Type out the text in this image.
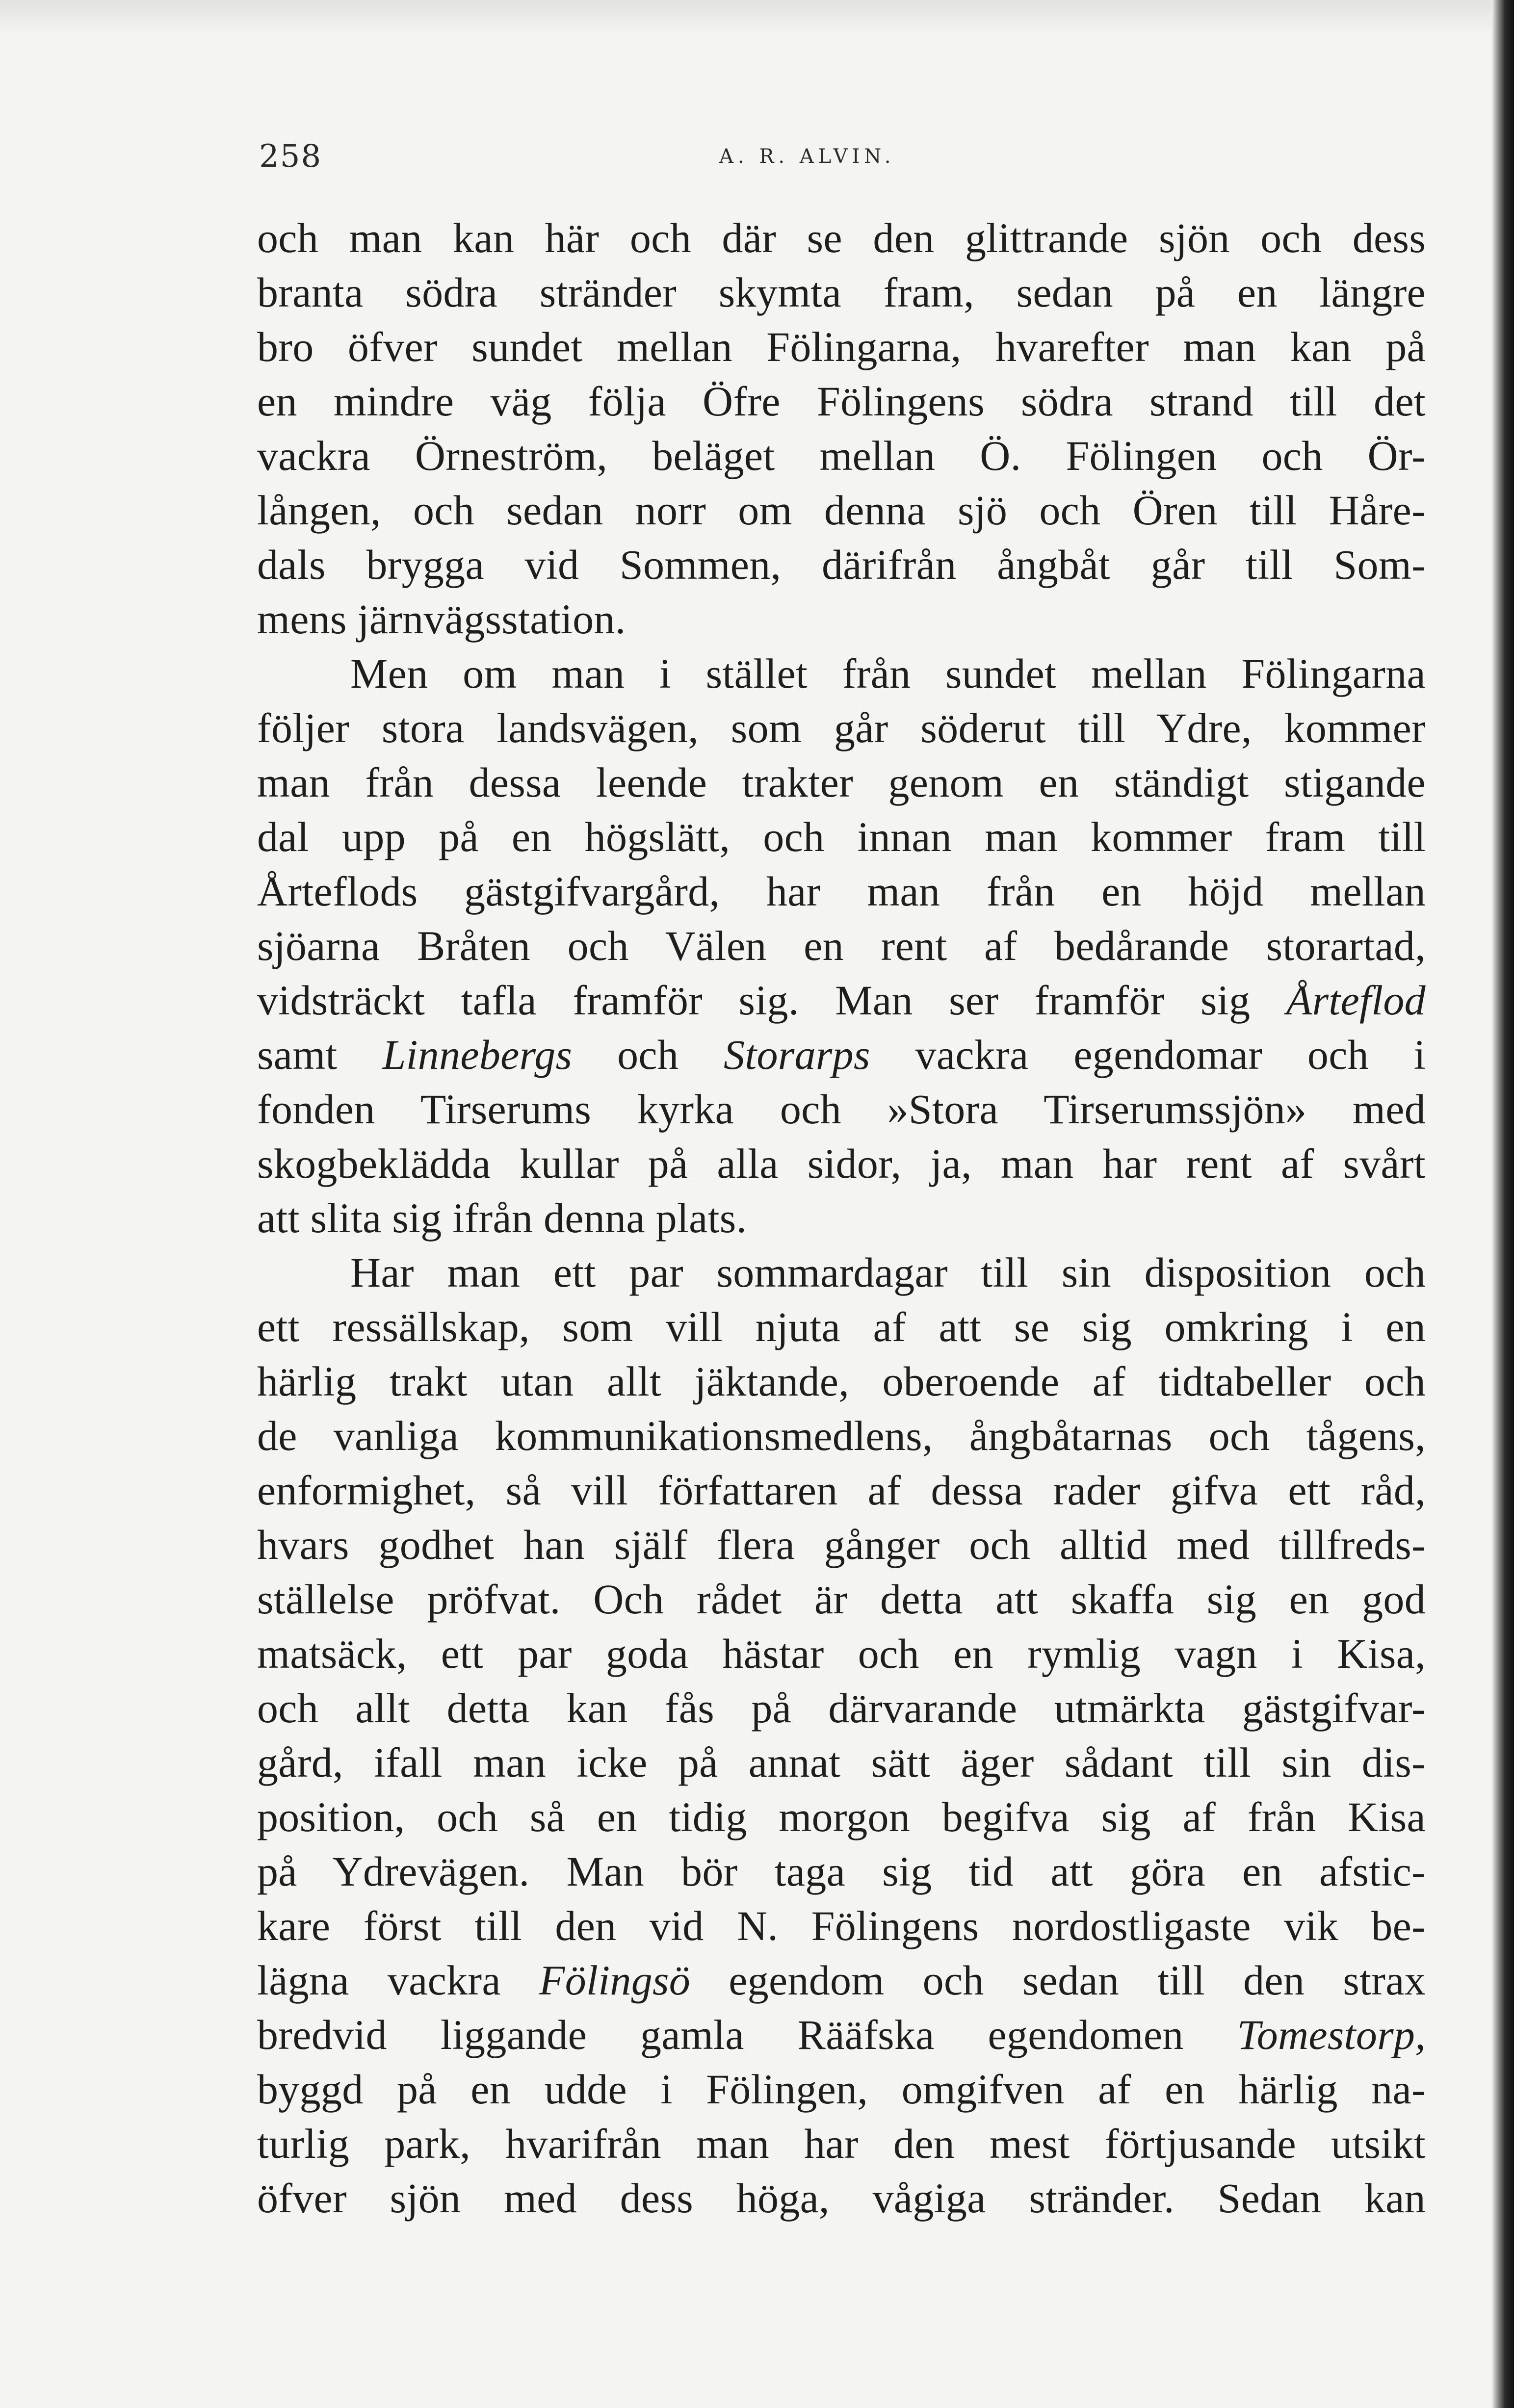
258	A. R. ALVIN.
och man kan här och där se den glittrande sjön och dess
branta södra stränder skymta fram, sedan på en längre
bro öfver sundet mellan Fölingarna, hvarefter man kan på
en mindre väg följa Öfre Fölingens södra strand till det
vackra Örneström, beläget mellan Ö. Fölingen och Ör-
lången, och sedan norr om denna sjö och Ören till Håre-
dals brygga vid Sommen, därifrån ångbåt går till Som-
mens järnvägsstation.
Men om man i stället från sundet mellan Fölingarna
följer stora landsvägen, som går söderut till Ydre, kommer
man från dessa leende trakter genom en ständigt stigande
dal upp på en högslätt, och innan man kommer fram till
Årteflods gästgifvargård, har man från en höjd mellan
sjöarna Bråten och Välen en rent af bedårande storartad,
vidsträckt tafla framför sig. Man ser framför sig Årteflod
samt Linnebergs och Storarps vackra egendomar och i
fonden Tirserums kyrka och »Stora Tirserumssjön» med
skogbeklädda kullar på alla sidor, ja, man har rent af svårt
att slita sig ifrån denna plats.
Har man ett par sommardagar till sin disposition och
ett ressällskap, som vill njuta af att se sig omkring i en
härlig trakt utan allt jäktande, oberoende af tidtabeller och
de vanliga kommunikationsmedlens, ångbåtarnas och tågens,
enformighet, så vill författaren af dessa rader gifva ett råd,
hvars godhet han själf flera gånger och alltid med tillfreds-
ställelse pröfvat. Och rådet är detta att skaffa sig en god
matsäck, ett par goda hästar och en rymlig vagn i Kisa,
och allt detta kan fås på därvarande utmärkta gästgifvar-
gård, ifall man icke på annat sätt äger sådant till sin dis-
position, och så en tidig morgon begifva sig af från Kisa
på Ydrevägen. Man bör taga sig tid att göra en afstic-
kare först till den vid N. Fölingens nordostligaste vik be-
lägna vackra Fölingsö egendom och sedan till den strax
bredvid liggande gamla Rääfska egendomen Tomestorp,
byggd på en udde i Fölingen, omgifven af en härlig na-
turlig park, hvarifrån man har den mest förtjusande utsikt
öfver sjön med dess höga, vågiga stränder. Sedan kan
